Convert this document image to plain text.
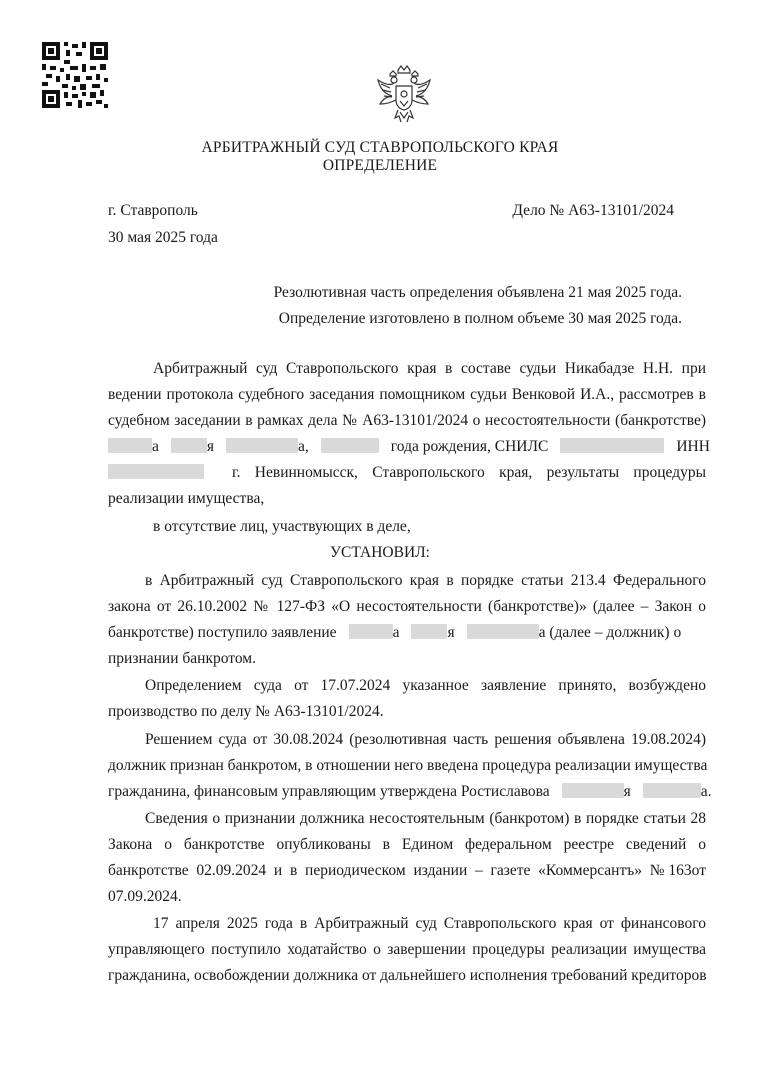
АРБИТРАЖНЫЙ СУД СТАВРОПОЛЬСКОГО КРАЯ
ОПРЕДЕЛЕНИЕ
г. Ставрополь
30 мая 2025 года
Дело № А63-13101/2024
Резолютивная часть определения объявлена 21 мая 2025 года.
Определение изготовлено в полном объеме 30 мая 2025 года.
Арбитражный суд Ставропольского края в составе судьи Никабадзе Н.Н. при
ведении протокола судебного заседания помощником судьи Венковой И.А., рассмотрев в
судебном заседании в рамках дела № А63-13101/2024 о несостоятельности (банкротстве)
а	я	а,	года рождения, СНИЛС	ИНН
г. Невинномысск, Ставропольского края, результаты процедуры
реализации имущества,
в отсутствие лиц, участвующих в деле,
УСТАНОВИЛ:
в Арбитражный суд Ставропольского края в порядке статьи 213.4 Федерального
закона от 26.10.2002 № 127-ФЗ «О несостоятельности (банкротстве)» (далее – Закон о
банкротстве) поступило заявление	а	я	а (далее – должник) о
признании банкротом.
Определением суда от 17.07.2024 указанное заявление принято, возбуждено
производство по делу № А63-13101/2024.
Решением суда от 30.08.2024 (резолютивная часть решения объявлена 19.08.2024)
должник признан банкротом, в отношении него введена процедура реализации имущества
гражданина, финансовым управляющим утверждена Ростиславова	я	а.
Сведения о признании должника несостоятельным (банкротом) в порядке статьи 28
Закона о банкротстве опубликованы в Едином федеральном реестре сведений о
банкротстве 02.09.2024 и в периодическом издании – газете «Коммерсантъ» №163от
07.09.2024.
17 апреля 2025 года в Арбитражный суд Ставропольского края от финансового
управляющего поступило ходатайство о завершении процедуры реализации имущества
гражданина, освобождении должника от дальнейшего исполнения требований кредиторов
